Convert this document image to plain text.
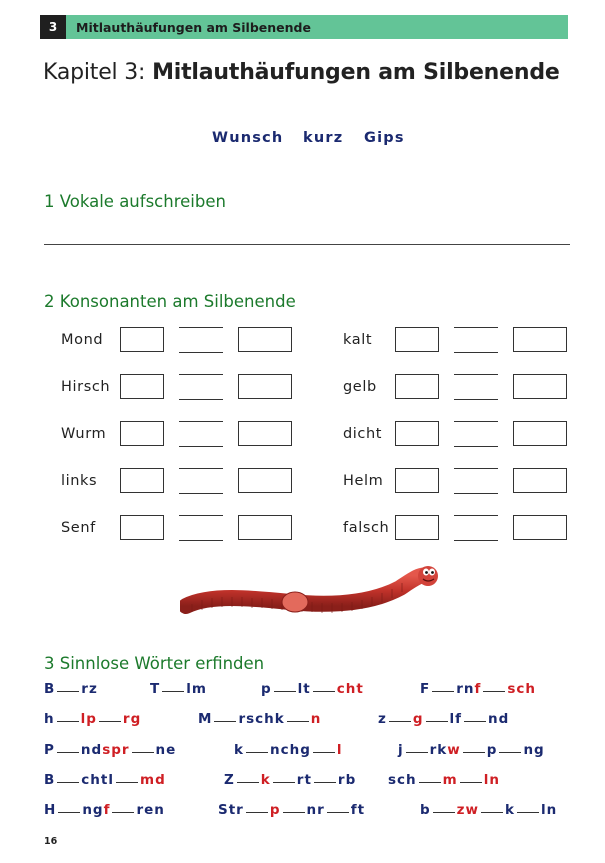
3	Mitlauthäufungen am Silbenende
Kapitel 3: Mitlauthäufungen am Silbenende
Wunsch kurz Gips
1 Vokale aufschreiben
2 Konsonanten am Silbenende
Mond	kalt
Hirsch	gelb
Wurm	dicht
links	Helm
Senf	falsch
3 Sinnlose Wörter erfinden
B rz	T lm	p lt cht	F rnf sch
h lp rg	M rschk n	z g lf nd
P ndspr ne	k nchg l	j rkw p ng
B chtl md	Z k rt rb sch m ln
H ngf ren	Str p nr ft	b zw k ln
16
